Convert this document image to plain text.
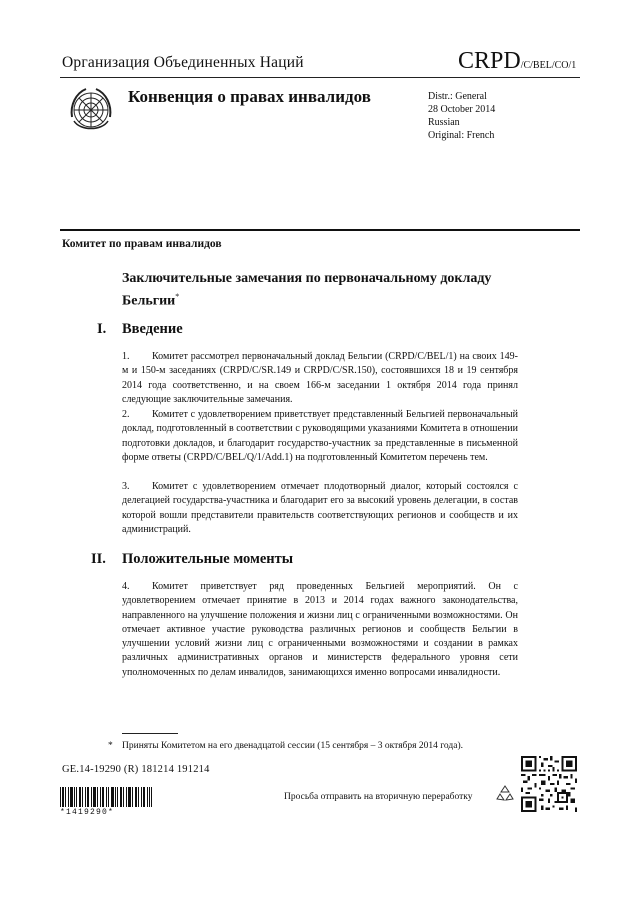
Организация Объединенных Наций	CRPD/C/BEL/CO/1
Конвенция о правах инвалидов	Distr.: General
28 October 2014
Russian
Original: French
Комитет по правам инвалидов
Заключительные замечания по первоначальному докладу Бельгии*
I. Введение
1. Комитет рассмотрел первоначальный доклад Бельгии (CRPD/C/BEL/1) на своих 149-м и 150-м заседаниях (CRPD/C/SR.149 и CRPD/C/SR.150), состоявшихся 18 и 19 сентября 2014 года соответственно, и на своем 166-м заседании 1 октября 2014 года принял следующие заключительные замечания.
2. Комитет с удовлетворением приветствует представленный Бельгией первоначальный доклад, подготовленный в соответствии с руководящими указаниями Комитета в отношении подготовки докладов, и благодарит государство-участник за представленные в письменной форме ответы (CRPD/C/BEL/Q/1/Add.1) на подготовленный Комитетом перечень тем.
3. Комитет с удовлетворением отмечает плодотворный диалог, который состоялся с делегацией государства-участника и благодарит его за высокий уровень делегации, в состав которой вошли представители правительств соответствующих регионов и сообществ и их администраций.
II. Положительные моменты
4. Комитет приветствует ряд проведенных Бельгией мероприятий. Он с удовлетворением отмечает принятие в 2013 и 2014 годах важного законодательства, направленного на улучшение положения и жизни лиц с ограниченными возможностями. Он отмечает активное участие руководства различных регионов и сообществ Бельгии в улучшении условий жизни лиц с ограниченными возможностями и создании в рамках различных административных органов и министерств федерального уровня сети уполномоченных по делам инвалидов, занимающихся именно вопросами инвалидности.
* Приняты Комитетом на его двенадцатой сессии (15 сентября – 3 октября 2014 года).
GE.14-19290 (R) 181214 191214
*1419290*
Просьба отправить на вторичную переработку
